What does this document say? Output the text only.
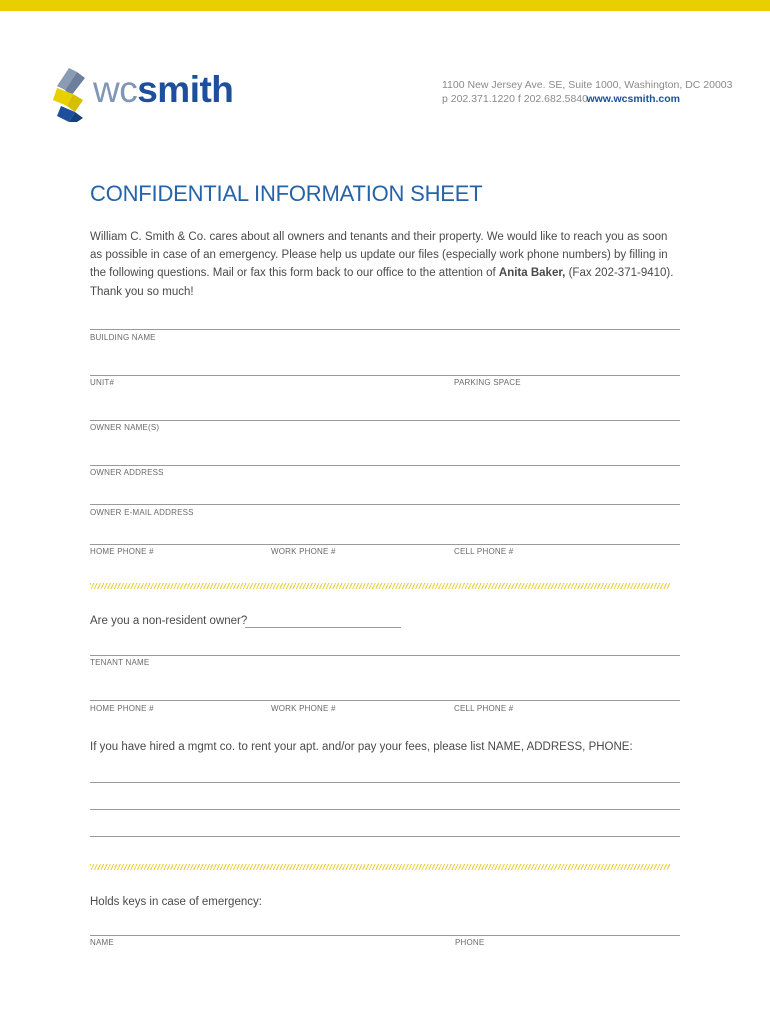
wcsmith	1100 New Jersey Ave. SE, Suite 1000, Washington, DC 20003
p 202.371.1220 f 202.682.5840
www.wcsmith.com
CONFIDENTIAL INFORMATION SHEET
William C. Smith & Co. cares about all owners and tenants and their property. We would like to reach you as soon as possible in case of an emergency. Please help us update our files (especially work phone numbers) by filling in the following questions. Mail or fax this form back to our office to the attention of Anita Baker, (Fax 202-371-9410). Thank you so much!
BUILDING NAME
UNIT#	PARKING SPACE
OWNER NAME(S)
OWNER ADDRESS
OWNER E-MAIL ADDRESS
HOME PHONE #	WORK PHONE #	CELL PHONE #
Are you a non-resident owner?
TENANT NAME
HOME PHONE #	WORK PHONE #	CELL PHONE #
If you have hired a mgmt co. to rent your apt. and/or pay your fees, please list NAME, ADDRESS, PHONE:
Holds keys in case of emergency:
NAME	PHONE
